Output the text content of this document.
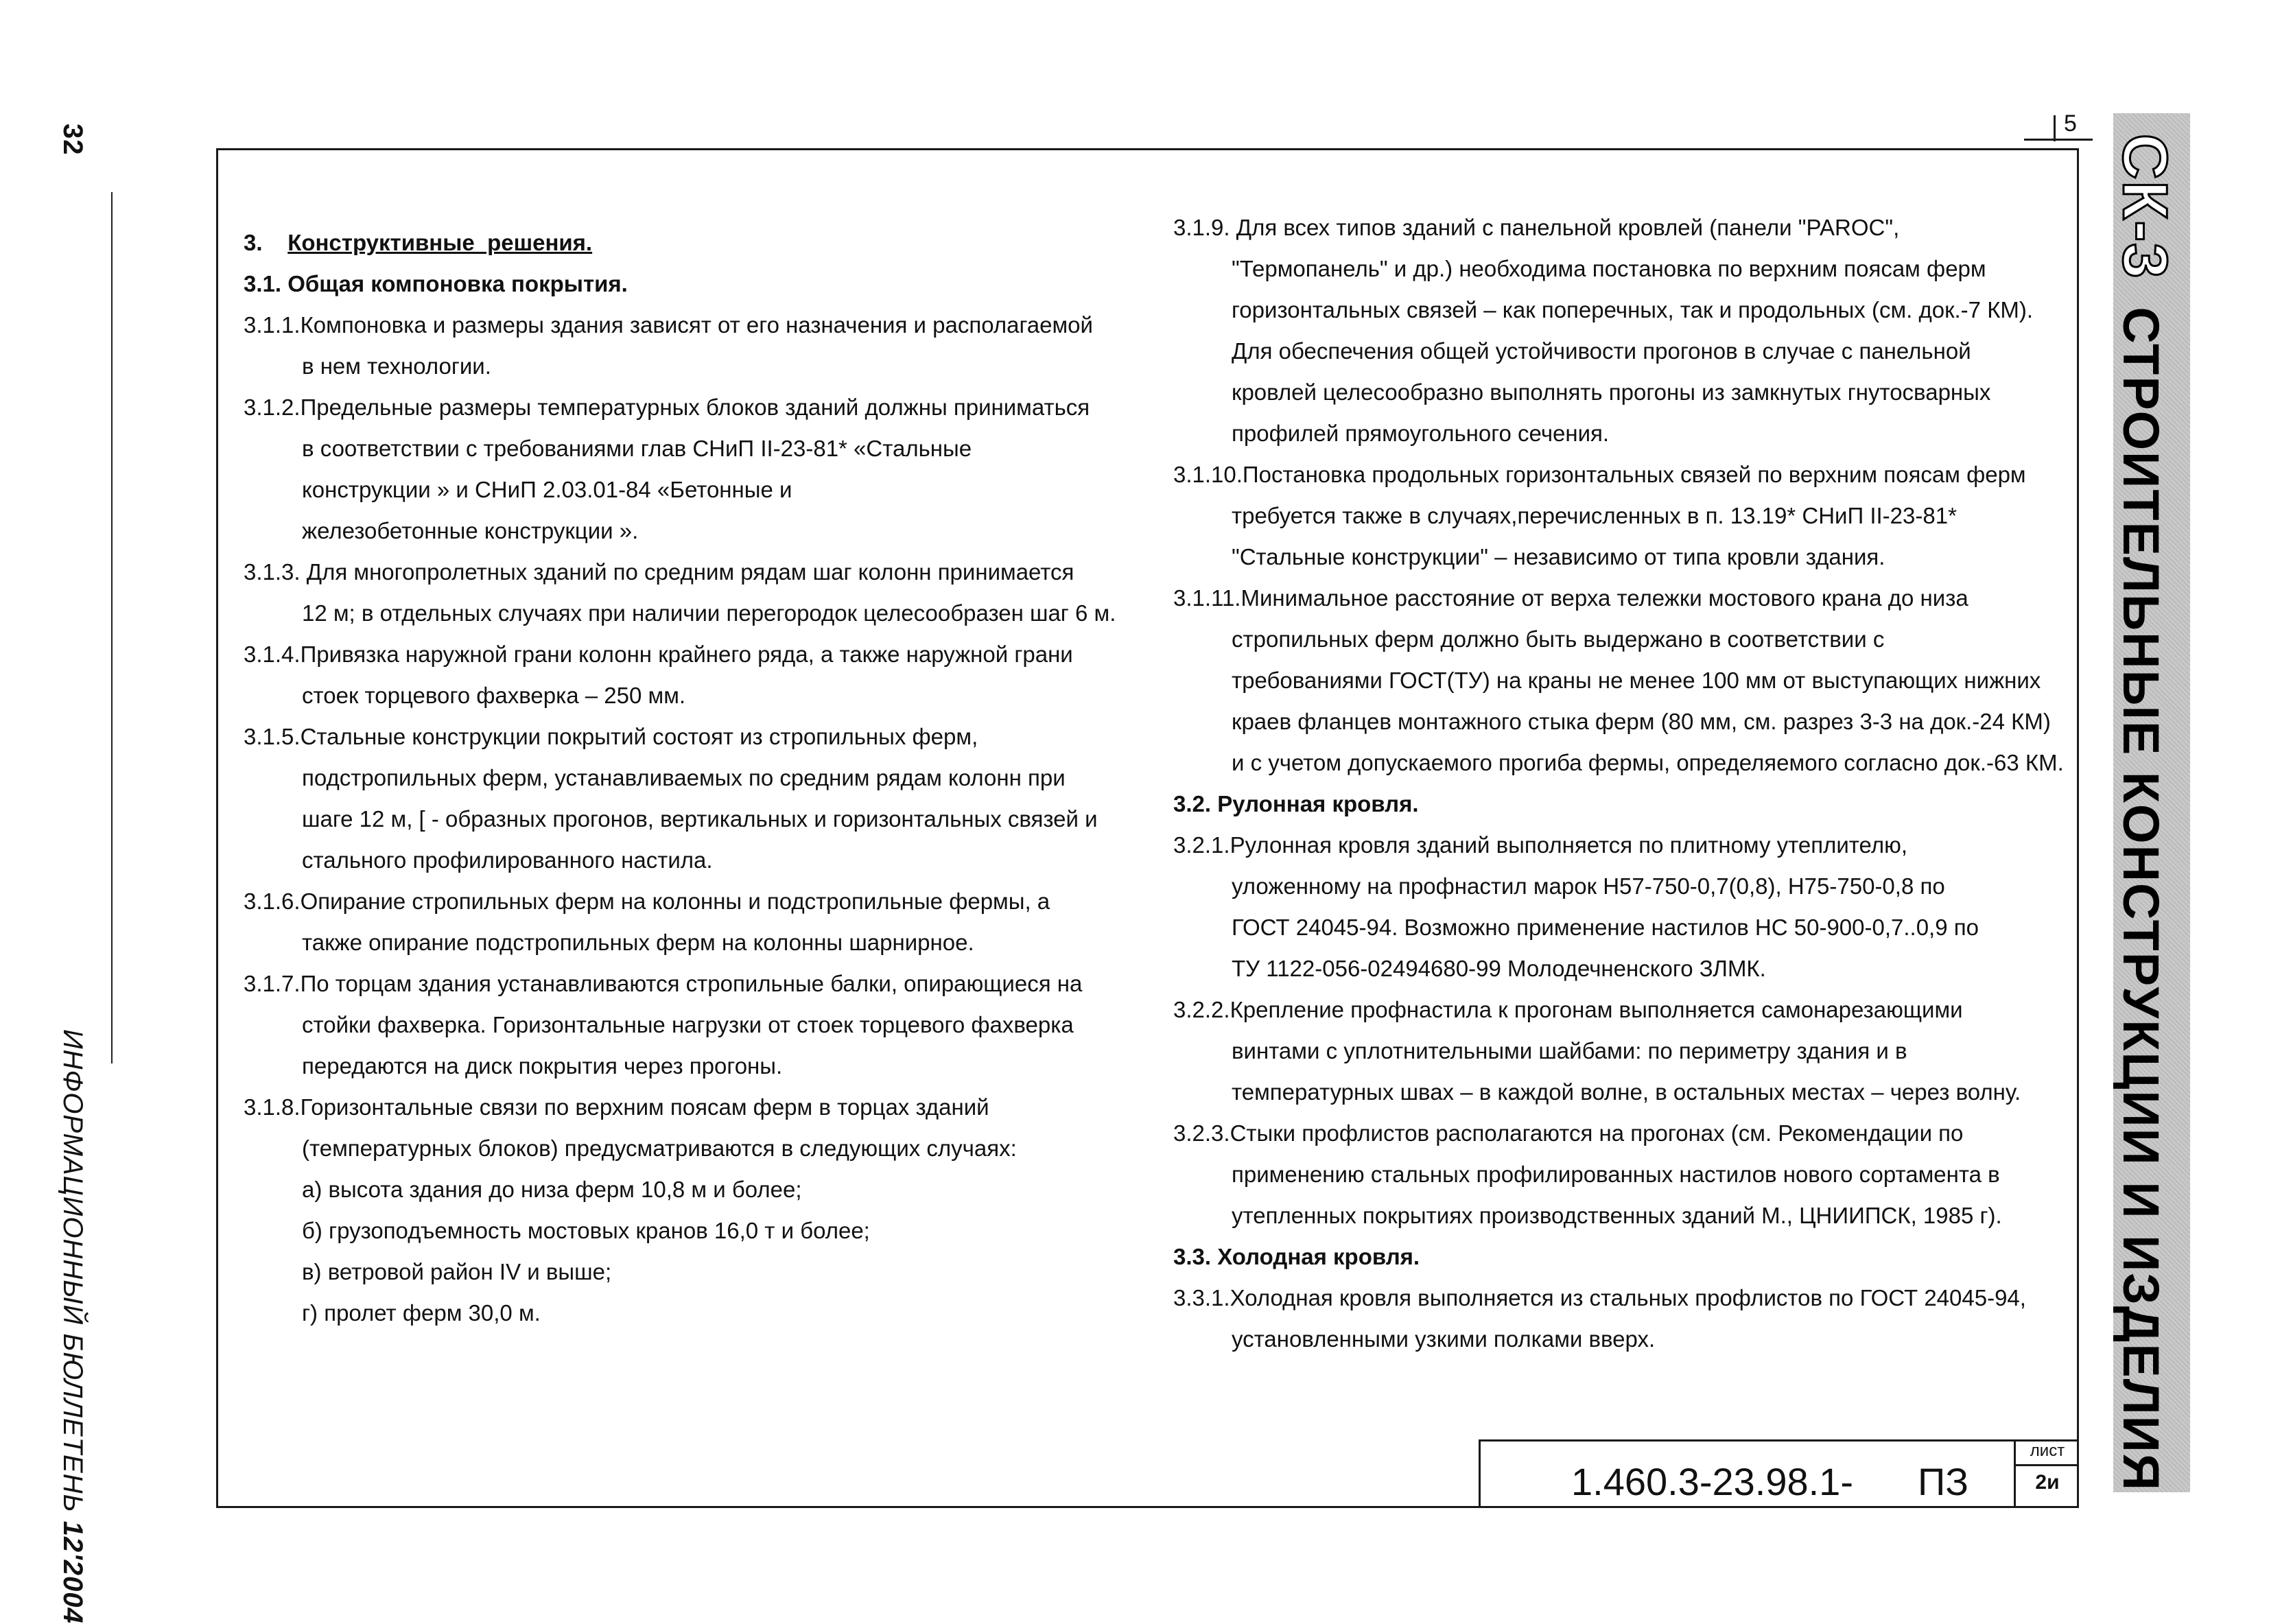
32
ИНФОРМАЦИОННЫЙ БЮЛЛЕТЕНЬ 12'2004
5
СК-3СТРОИТЕЛЬНЫЕ КОНСТРУКЦИИ И ИЗДЕЛИЯ
3.    Конструктивные  решения.
3.1. Общая компоновка покрытия.
3.1.1.Компоновка и размеры здания зависят от его назначения и располагаемой
в нем технологии.
3.1.2.Предельные размеры температурных блоков зданий должны приниматься
в соответствии с требованиями глав СНиП II-23-81* «Стальные
конструкции » и СНиП 2.03.01-84 «Бетонные и
железобетонные конструкции ».
3.1.3. Для многопролетных зданий по средним рядам шаг колонн принимается
12 м; в отдельных случаях при наличии перегородок целесообразен шаг 6 м.
3.1.4.Привязка наружной грани колонн крайнего ряда, а также наружной грани
стоек торцевого фахверка – 250 мм.
3.1.5.Стальные конструкции покрытий состоят из стропильных ферм,
подстропильных ферм, устанавливаемых по средним рядам колонн при
шаге 12 м, [ - образных прогонов, вертикальных и горизонтальных связей и
стального профилированного настила.
3.1.6.Опирание стропильных ферм на колонны и подстропильные фермы, а
также опирание подстропильных ферм на колонны шарнирное.
3.1.7.По торцам здания устанавливаются стропильные балки, опирающиеся на
стойки фахверка. Горизонтальные нагрузки от стоек торцевого фахверка
передаются на диск покрытия через прогоны.
3.1.8.Горизонтальные связи по верхним поясам ферм в торцах зданий
(температурных блоков) предусматриваются в следующих случаях:
а) высота здания до низа ферм 10,8 м и более;
б) грузоподъемность мостовых кранов 16,0 т и более;
в) ветровой район IV и выше;
г) пролет ферм 30,0 м.
3.1.9. Для всех типов зданий с панельной кровлей (панели "PAROC",
"Термопанель" и др.) необходима постановка по верхним поясам ферм
горизонтальных связей – как поперечных, так и продольных (см. док.-7 КМ).
Для обеспечения общей устойчивости прогонов в случае с панельной
кровлей целесообразно выполнять прогоны из замкнутых гнутосварных
профилей прямоугольного сечения.
3.1.10.Постановка продольных горизонтальных связей по верхним поясам ферм
требуется также в случаях,перечисленных в п. 13.19* СНиП II-23-81*
"Стальные конструкции" – независимо от типа кровли здания.
3.1.11.Минимальное расстояние от верха тележки мостового крана до низа
стропильных ферм должно быть выдержано в соответствии с
требованиями ГОСТ(ТУ) на краны не менее 100 мм от выступающих нижних
краев фланцев монтажного стыка ферм (80 мм, см. разрез 3-3 на док.-24 КМ)
и с учетом допускаемого прогиба фермы, определяемого согласно док.-63 КМ.
3.2. Рулонная кровля.
3.2.1.Рулонная кровля зданий выполняется по плитному утеплителю,
уложенному на профнастил марок Н57-750-0,7(0,8), Н75-750-0,8 по
ГОСТ 24045-94. Возможно применение настилов НС 50-900-0,7..0,9 по
ТУ 1122-056-02494680-99 Молодечненского ЗЛМК.
3.2.2.Крепление профнастила к прогонам выполняется самонарезающими
винтами с уплотнительными шайбами: по периметру здания и в
температурных швах – в каждой волне, в остальных местах – через волну.
3.2.3.Стыки профлистов располагаются на прогонах (см. Рекомендации по
применению стальных профилированных настилов нового сортамента в
утепленных покрытиях производственных зданий М., ЦНИИПСК, 1985 г).
3.3. Холодная кровля.
3.3.1.Холодная кровля выполняется из стальных профлистов по ГОСТ 24045-94,
установленными узкими полками вверх.
1.460.3-23.98.1- ПЗ
лист
2и
